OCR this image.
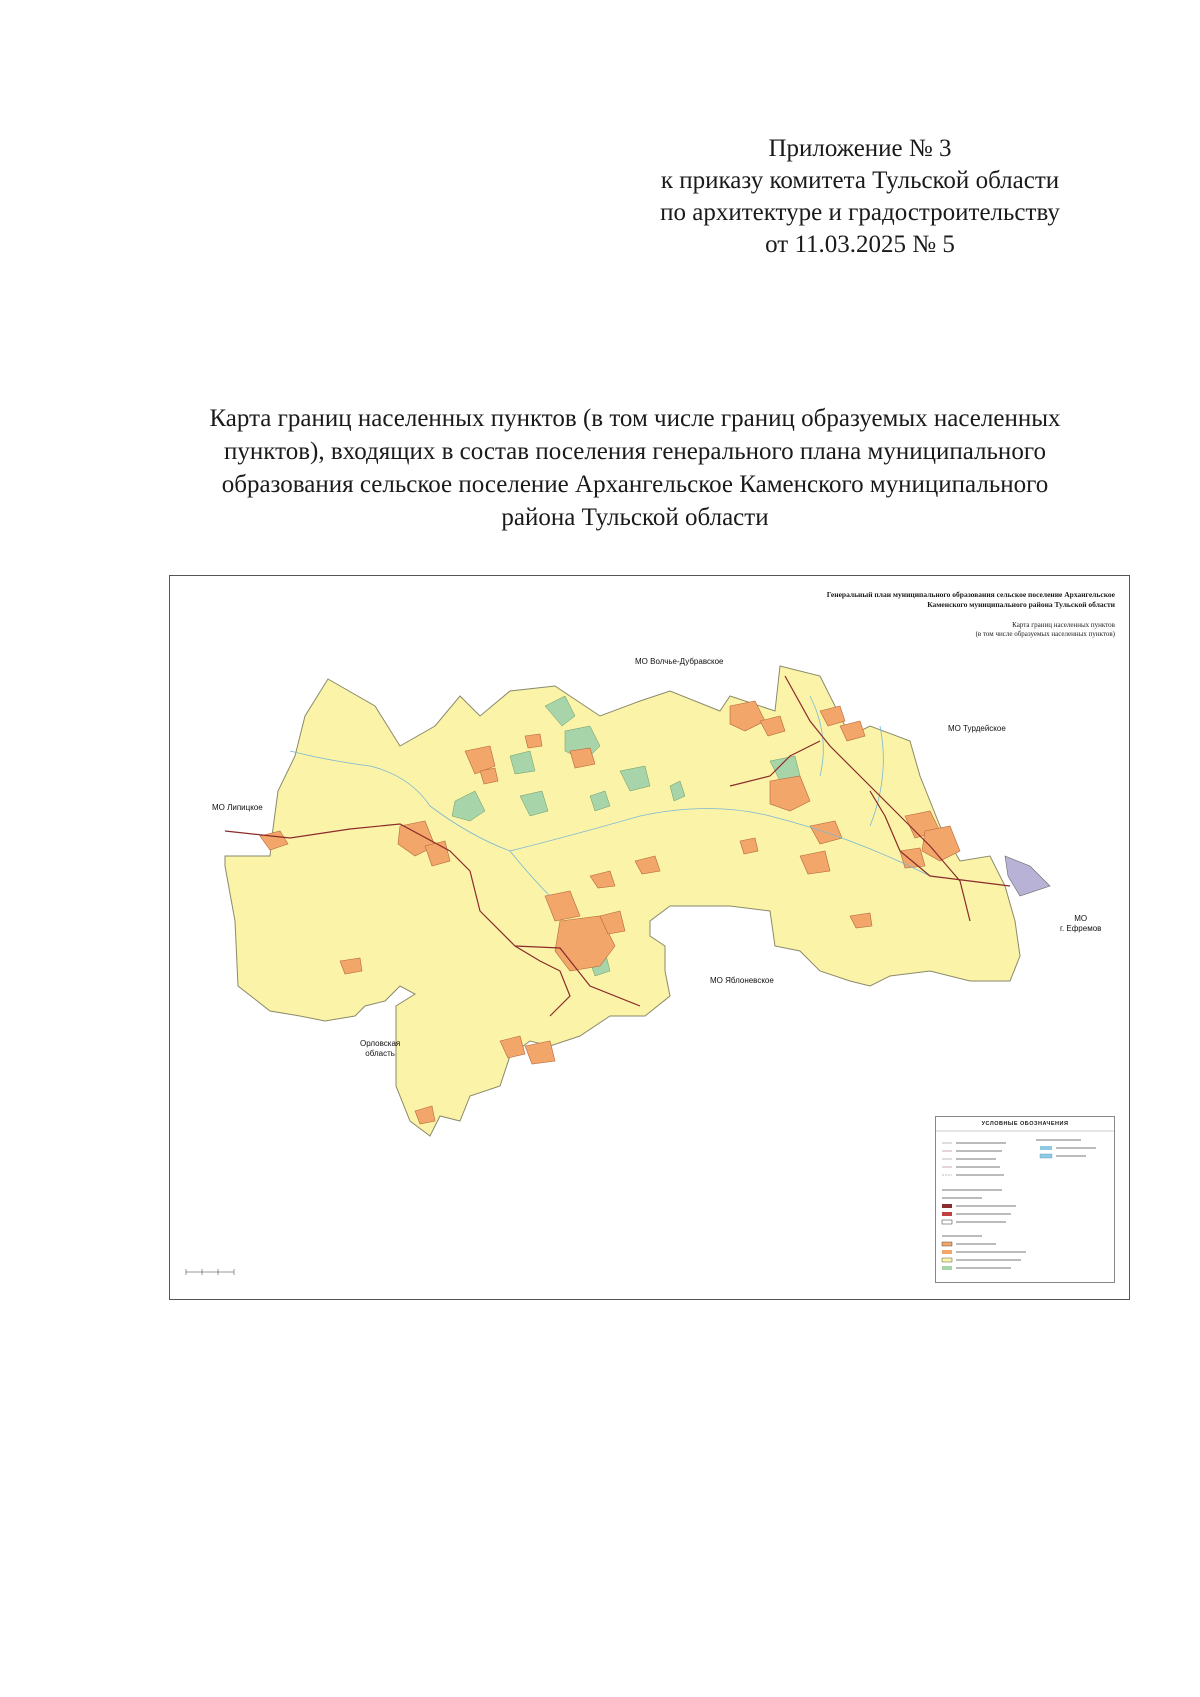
Приложение № 3
к приказу комитета Тульской области
по архитектуре и градостроительству
от 11.03.2025 № 5
Карта границ населенных пунктов (в том числе границ образуемых населенных
пунктов), входящих в состав поселения генерального плана муниципального
образования сельское поселение Архангельское Каменского муниципального
района Тульской области
Генеральный план муниципального образования сельское поселение Архангельское
Каменского муниципального района Тульской области
Карта границ населенных пунктов
(в том числе образуемых населенных пунктов)
МО Волчье-Дубравское
МО Турдейское
МО Липицкое
МО
г. Ефремов
МО Яблоневское
Орловская
область
УСЛОВНЫЕ ОБОЗНАЧЕНИЯ
